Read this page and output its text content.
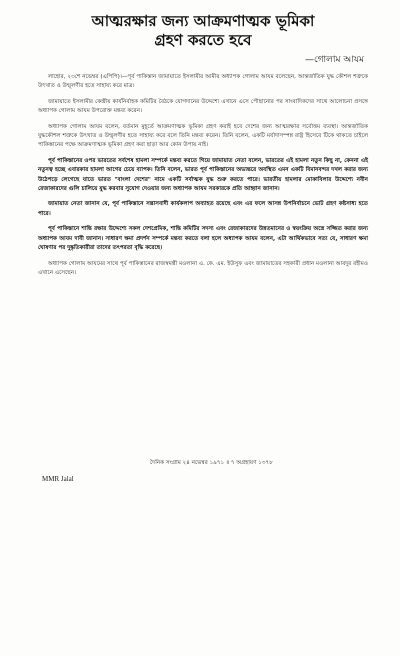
আত্মরক্ষার জন্য আক্রমণাত্মক ভূমিকা
গ্রহণ করতে হবে
—গোলাম আযম

লাহোর, ২৩শে নভেম্বর (এপিপি)।—পূর্ব পাকিস্তান জামায়াতে ইসলামীর আমীর অধ্যাপক গোলাম আযম বলেছেন, আন্তর্জাতিক যুদ্ধ কৌশল শত্রুকে উৎখাত ও উন্মূলণীর হতে সাহায্য করে মাত্র।

জামায়াতে ইসলামীর কেন্দ্রীয় কার্যনির্বাহক কমিটির বৈঠকে যোগদানের উদ্দেশ্যে এখানে এসে পৌছানোর পর সাংবাদিকদের সাথে আলোচনা প্রসঙ্গে অধ্যাপক গোলাম আযম উপরোক্ত মন্তব্য করেন।

অধ্যাপক গোলাম আযম বলেন, বর্তমান মুহূর্তে আক্রমণাত্মক ভূমিকা গ্রহণ করাই হবে দেশের জন্য আত্মরক্ষার সর্বোত্তম ব্যবস্থা। আন্তর্জাতিক যুদ্ধকৌশল শত্রুকে উৎখাত ও উন্মূলণীর হতে সাহায্য করে বলে তিনি মন্তব্য করেন। তিনি বলেন, একটি মর্যাদাসম্পন্ন রাষ্ট্র হিসেবে টিকে থাকতে চাইলে পাকিস্তানের পক্ষে আক্রমণাত্মক ভূমিকা গ্রহণ করা ছাড়া আর কোন উপায় নাই।

পূর্ব পাকিস্তানের ওপর ভারতের সর্বশেষ হামলা সম্পর্কে মন্তব্য করতে গিয়ে জামায়াত নেতা বলেন, ভারতের এই হামলা নতুন কিছু না, কেননা এই নতুনত্ব হচ্ছে এবারকার হামলা আগের চেয়ে ব্যাপক। তিনি বলেন, ভারত পূর্ব পাকিস্তানের অভ্যন্তরে অবস্থিত এমন একটি বিমানবন্দর দখল করার জন্য উঠেপড়ে লেগেছে যাতে ভারত "বাংলা দেশের" নামে একটি সর্বাত্মক যুদ্ধ শুরু করতে পারে। ভারতীয় হামলার মোকাবিলার উদ্দেশ্যে নবীন রেজাকারদের গুলি চালিয়ে যুদ্ধ করবার সুযোগ দেওয়ার জন্য অধ্যাপক আযম সরকারকে প্রতি আহ্বান জানান।

জামায়াত নেতা জানান যে, পূর্ব পাকিস্তানে সন্ত্রাসবাদী কার্যকলাপ অব্যাহত রয়েছে এবং এর ফলে আসন্ন উপনির্বাচনে ভোট গ্রহণ কষ্টসাধ্য হতে পারে।

পূর্ব পাকিস্তানে শান্তি রক্ষার উদ্দেশ্যে সকল দেশপ্রেমিক, শান্তি কমিটির সদস্য এবং রেজাকারদের উন্নতমানের ও স্বয়ংক্রিয় অস্ত্রে সজ্জিত করার জন্য অধ্যাপক আযম দাবী জানান। সাধারণ ক্ষমা প্রদর্শন সম্পর্কে মন্তব্য করতে বলা হলে অধ্যাপক আযম বলেন, এটা আর্থিকভাবে সত্য যে, সাধারণ ক্ষমা ঘোষণার পর দুষ্কৃতিকারীরা তাদের তৎপরতা বৃদ্ধি করেছে।

অধ্যাপক গোলাম আযমের সাথে পূর্ব পাকিস্তানের রাজস্বমন্ত্রী মওলানা এ. কে. এম. ইউসুফ এবং জামায়াতের সহকারী প্রধান মওলানা আবদুর রহীমও এখানে এসেছেন।

দৈনিক সংগ্রাম ২৪ নভেম্বর ১৯৭১ ॥ ৭ অগ্রহায়ণ ১৩৭৮
MMR Jalal
